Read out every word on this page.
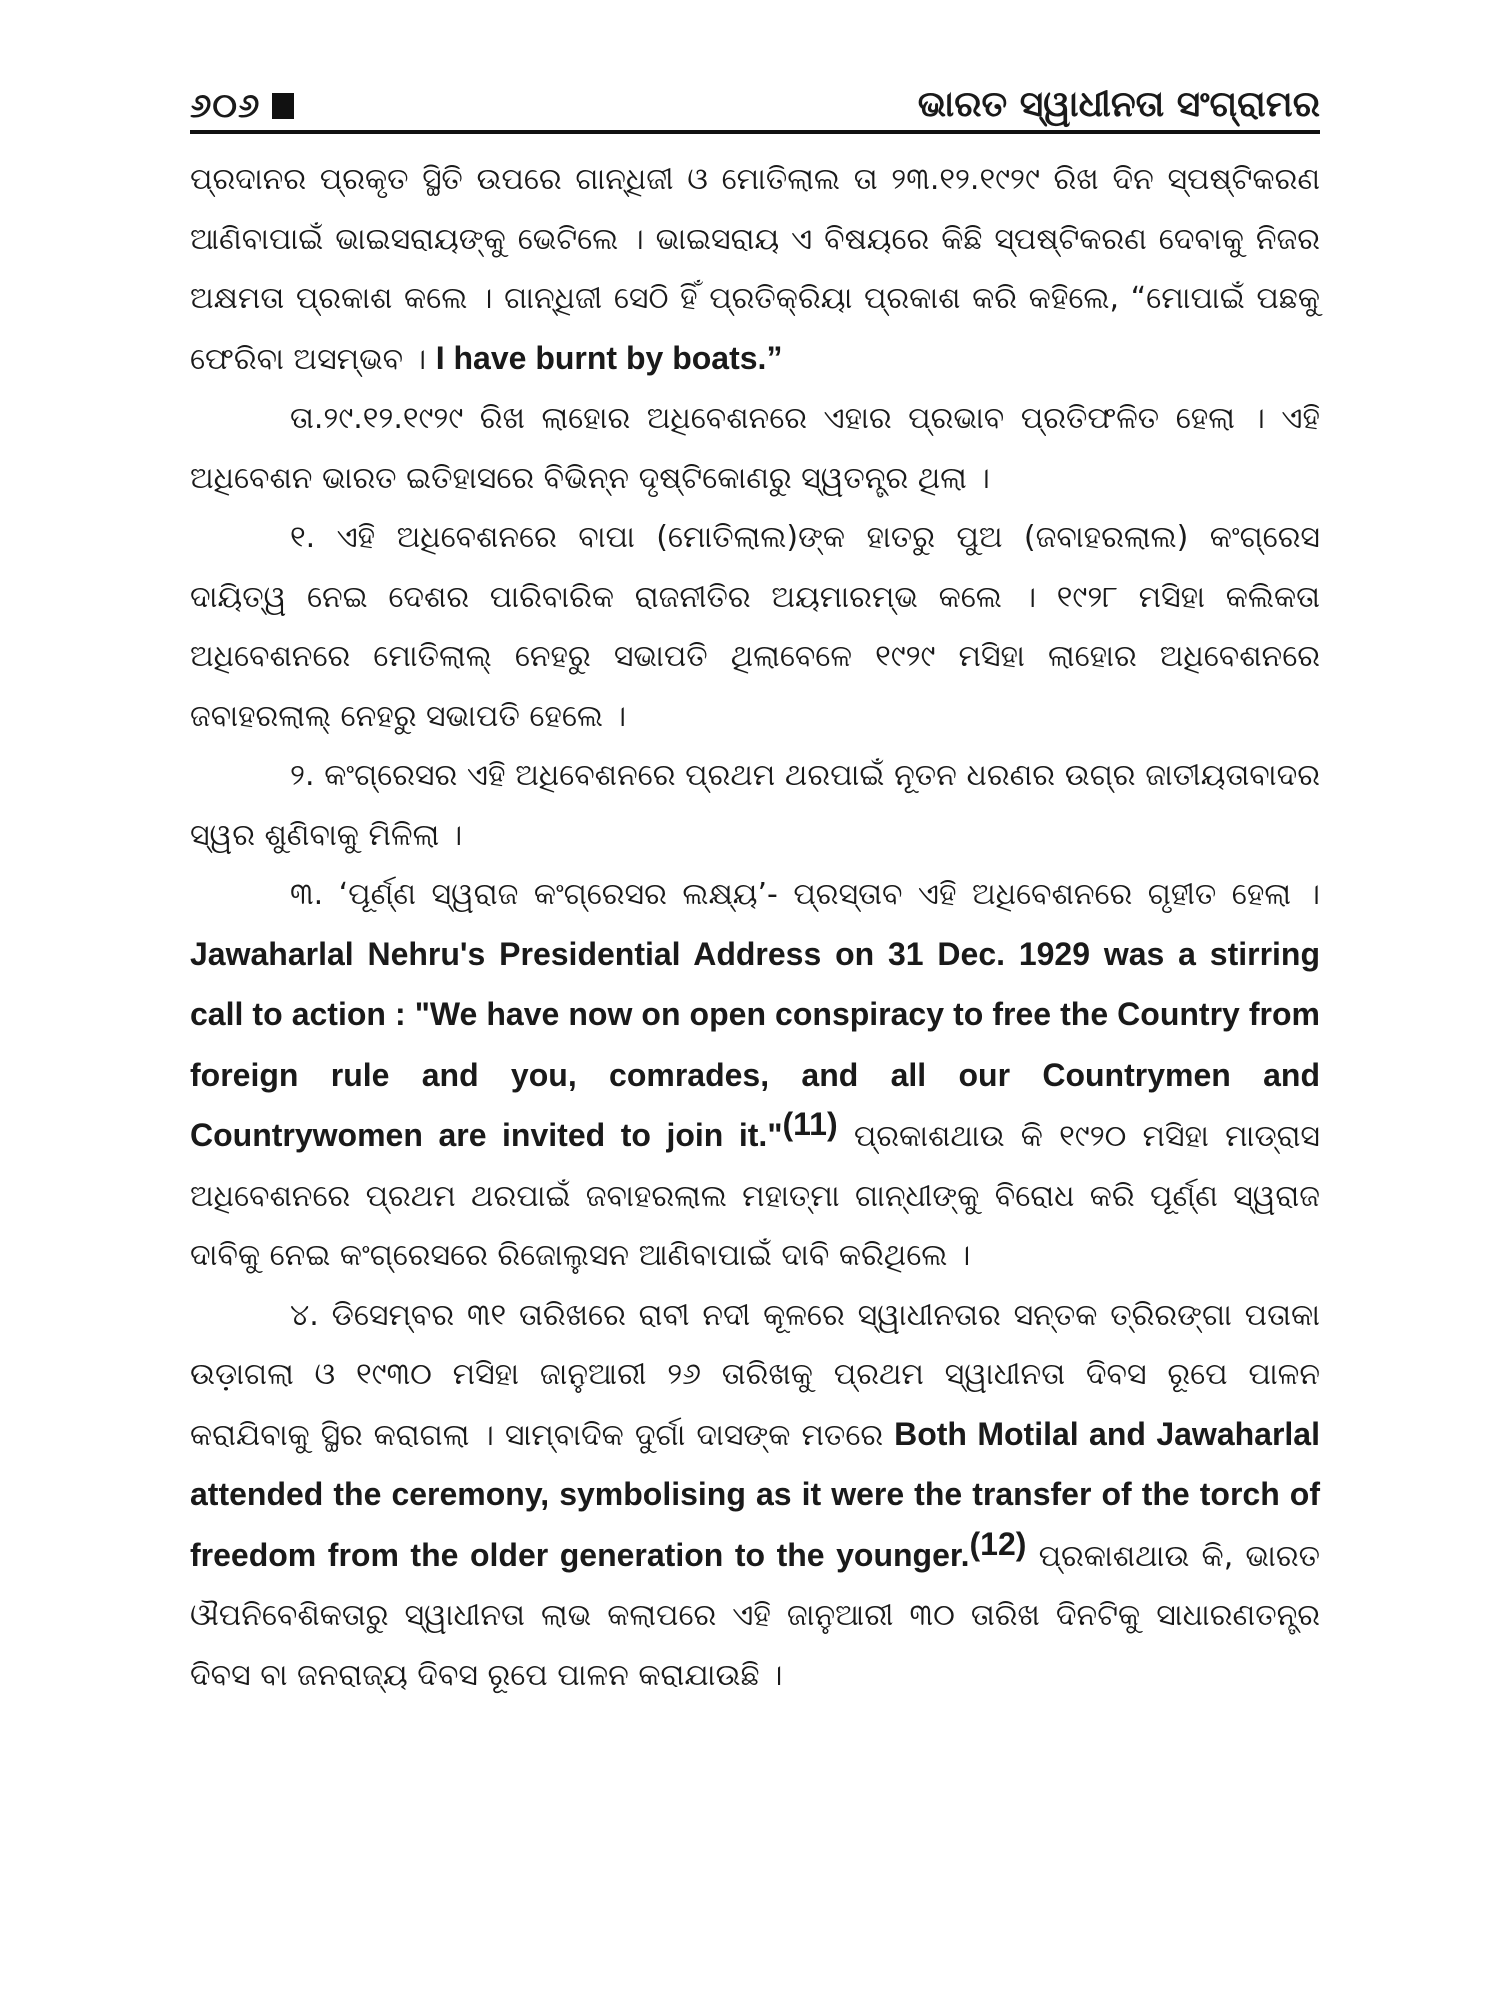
୬୦୬	ଭାରତ ସ୍ୱାଧୀନତା ସଂଗ୍ରାମର

ପ୍ରଦାନର ପ୍ରକୃତ ସ୍ଥିତି ଉପରେ ଗାନ୍ଧିଜୀ ଓ ମୋତିଲାଲ ତା ୨୩.୧୨.୧୯୨୯ ରିଖ ଦିନ ସ୍ପଷ୍ଟିକରଣ ଆଣିବାପାଇଁ ଭାଇସରାୟଙ୍କୁ ଭେଟିଲେ । ଭାଇସରାୟ ଏ ବିଷୟରେ କିଛି ସ୍ପଷ୍ଟିକରଣ ଦେବାକୁ ନିଜର ଅକ୍ଷମତା ପ୍ରକାଶ କଲେ । ଗାନ୍ଧିଜୀ ସେଠି ହିଁ ପ୍ରତିକ୍ରିୟା ପ୍ରକାଶ କରି କହିଲେ, “ମୋପାଇଁ ପଛକୁ ଫେରିବା ଅସମ୍ଭବ । I have burnt by boats.”

ତା.୨୯.୧୨.୧୯୨୯ ରିଖ ଲାହୋର ଅଧିବେଶନରେ ଏହାର ପ୍ରଭାବ ପ୍ରତିଫଳିତ ହେଲା । ଏହି ଅଧିବେଶନ ଭାରତ ଇତିହାସରେ ବିଭିନ୍ନ ଦୃଷ୍ଟିକୋଣରୁ ସ୍ୱତନ୍ତ୍ର ଥିଲା ।

୧. ଏହି ଅଧିବେଶନରେ ବାପା (ମୋତିଲାଲ)ଙ୍କ ହାତରୁ ପୁଅ (ଜବାହରଲାଲ) କଂଗ୍ରେସ ଦାୟିତ୍ୱ ନେଇ ଦେଶର ପାରିବାରିକ ରାଜନୀତିର ଅୟମାରମ୍ଭ କଲେ । ୧୯୨୮ ମସିହା କଲିକତା ଅଧିବେଶନରେ ମୋତିଲାଲ୍ ନେହରୁ ସଭାପତି ଥିଲାବେଳେ ୧୯୨୯ ମସିହା ଲାହୋର ଅଧିବେଶନରେ ଜବାହରଲାଲ୍ ନେହରୁ ସଭାପତି ହେଲେ ।

୨. କଂଗ୍ରେସର ଏହି ଅଧିବେଶନରେ ପ୍ରଥମ ଥରପାଇଁ ନୂତନ ଧରଣର ଉଗ୍ର ଜାତୀୟତାବାଦର ସ୍ୱର ଶୁଣିବାକୁ ମିଳିଲା ।

୩. ‘ପୂର୍ଣ୍ଣ ସ୍ୱରାଜ କଂଗ୍ରେସର ଲକ୍ଷ୍ୟ’- ପ୍ରସ୍ତାବ ଏହି ଅଧିବେଶନରେ ଗୃହୀତ ହେଲା । Jawaharlal Nehru's Presidential Address on 31 Dec. 1929 was a stirring call to action : "We have now on open conspiracy to free the Country from foreign rule and you, comrades, and all our Countrymen and Countrywomen are invited to join it."$^{(11)}$ ପ୍ରକାଶଥାଉ କି ୧୯୨୦ ମସିହା ମାଡ୍ରାସ ଅଧିବେଶନରେ ପ୍ରଥମ ଥରପାଇଁ ଜବାହରଲାଲ ମହାତ୍ମା ଗାନ୍ଧୀଙ୍କୁ ବିରୋଧ କରି ପୂର୍ଣ୍ଣ ସ୍ୱରାଜ ଦାବିକୁ ନେଇ କଂଗ୍ରେସରେ ରିଜୋଲୁସନ ଆଣିବାପାଇଁ ଦାବି କରିଥିଲେ ।

୪. ଡିସେମ୍ବର ୩୧ ତାରିଖରେ ରାବୀ ନଦୀ କୂଳରେ ସ୍ୱାଧୀନତାର ସନ୍ତକ ତ୍ରିରଙ୍ଗା ପତାକା ଉଡ଼ାଗଲା ଓ ୧୯୩୦ ମସିହା ଜାନୁଆରୀ ୨୬ ତାରିଖକୁ ପ୍ରଥମ ସ୍ୱାଧୀନତା ଦିବସ ରୂପେ ପାଳନ କରାଯିବାକୁ ସ୍ଥିର କରାଗଲା । ସାମ୍ବାଦିକ ଦୁର୍ଗା ଦାସଙ୍କ ମତରେ Both Motilal and Jawaharlal attended the ceremony, symbolising as it were the transfer of the torch of freedom from the older generation to the younger.$^{(12)}$ ପ୍ରକାଶଥାଉ କି, ଭାରତ ଔପନିବେଶିକତାରୁ ସ୍ୱାଧୀନତା ଲାଭ କଲାପରେ ଏହି ଜାନୁଆରୀ ୩୦ ତାରିଖ ଦିନଟିକୁ ସାଧାରଣତନ୍ତ୍ର ଦିବସ ବା ଜନରାଜ୍ୟ ଦିବସ ରୂପେ ପାଳନ କରାଯାଉଛି ।
